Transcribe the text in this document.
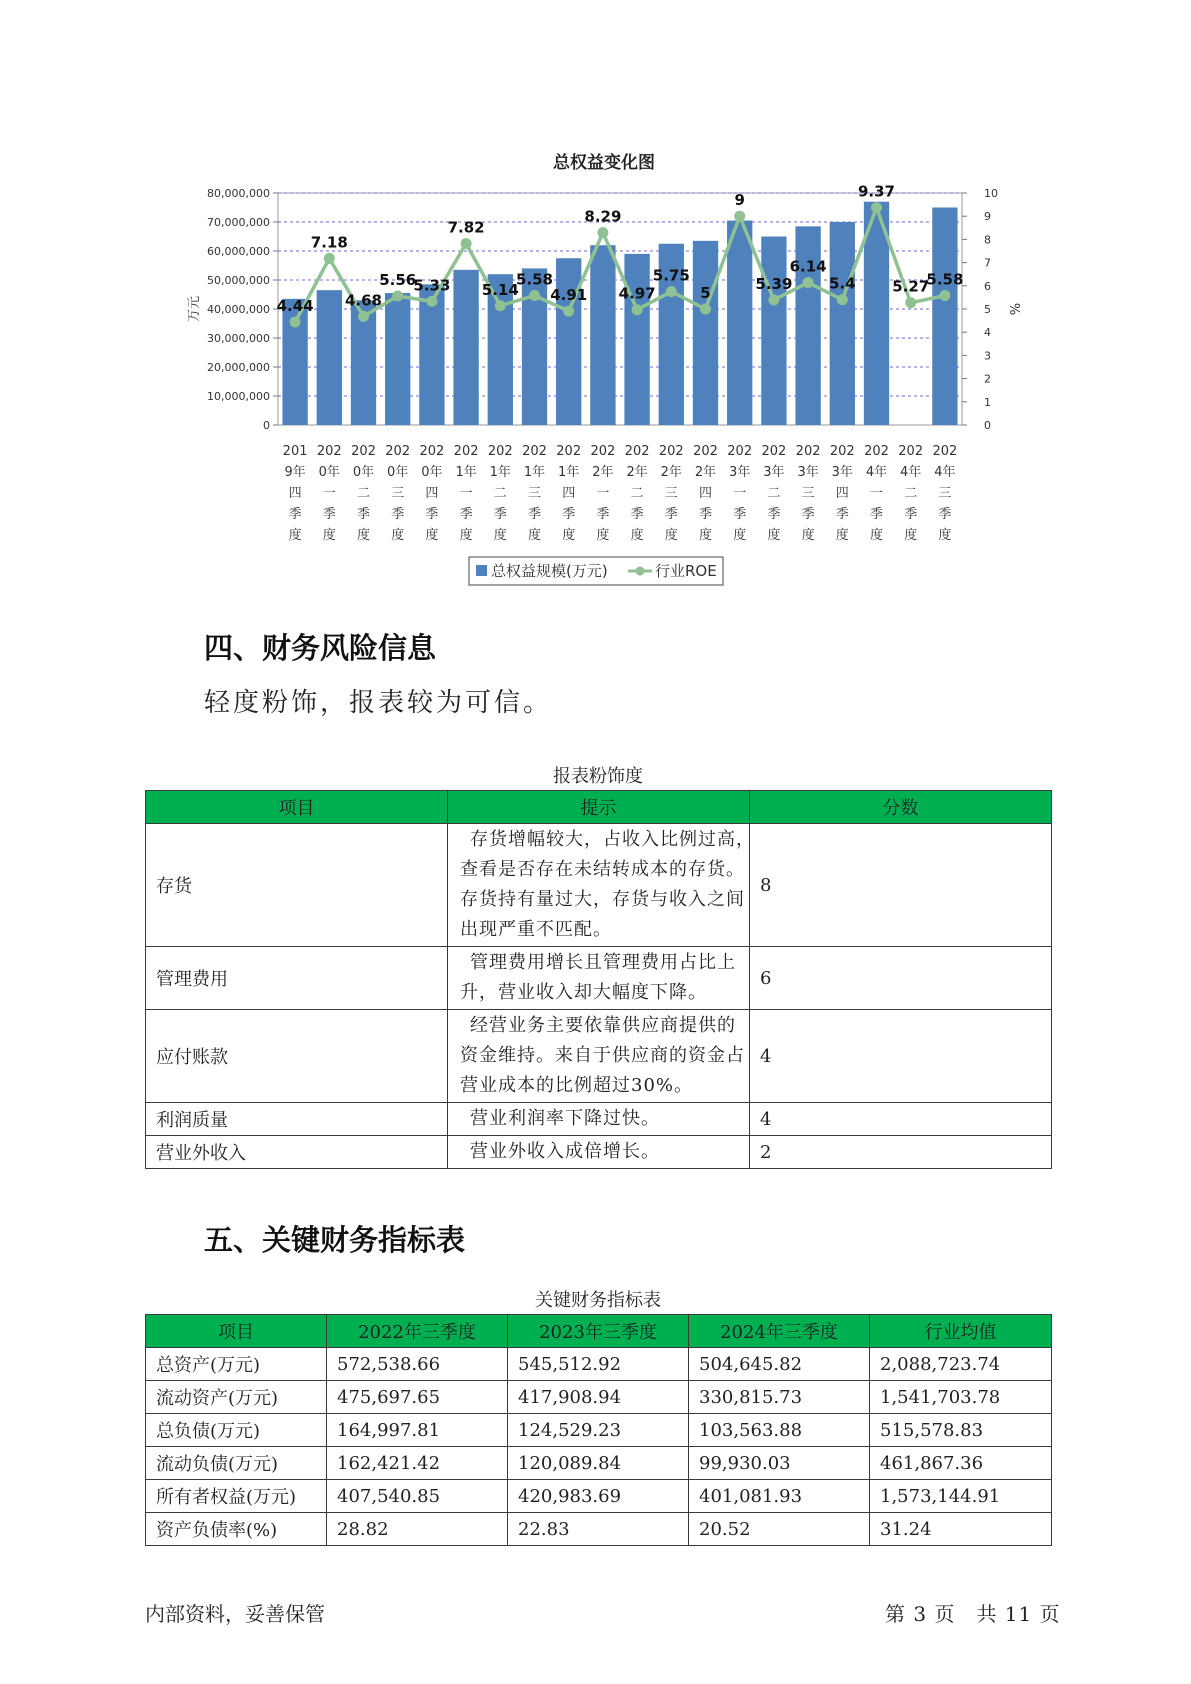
总权益变化图
0
10,000,000
20,000,000
30,000,000
40,000,000
50,000,000
60,000,000
70,000,000
80,000,000
0
1
2
3
4
5
6
7
8
9
10
万元	%
201
9年
四
季
度
202
0年
一
季
度
202
0年
二
季
度
202
0年
三
季
度
202
0年
四
季
度
202
1年
一
季
度
202
1年
二
季
度
202
1年
三
季
度
202
1年
四
季
度
202
2年
一
季
度
202
2年
二
季
度
202
2年
三
季
度
202
2年
四
季
度
202
3年
一
季
度
202
3年
二
季
度
202
3年
三
季
度
202
3年
四
季
度
202
4年
一
季
度
202
4年
二
季
度
202
4年
三
季
度
4.44
7.18
4.68
5.56
5.33
7.82
5.14
5.58
4.91
8.29
4.97
5.75
5
9
5.39
6.14
5.4
9.37
5.27
5.58
总权益规模(万元)	行业ROE
四、财务风险信息

轻度粉饰，报表较为可信。

报表粉饰度
项目	提示	分数
存货	存货增幅较大，占收入比例过高，
查看是否存在未结转成本的存货。
存货持有量过大，存货与收入之间
出现严重不匹配。	8
管理费用	管理费用增长且管理费用占比上
升，营业收入却大幅度下降。	6
应付账款	经营业务主要依靠供应商提供的
资金维持。来自于供应商的资金占
营业成本的比例超过30%。	4
利润质量	营业利润率下降过快。	4
营业外收入	营业外收入成倍增长。	2
五、关键财务指标表
关键财务指标表
项目	2022年三季度	2023年三季度	2024年三季度	行业均值
总资产(万元)	572,538.66	545,512.92	504,645.82	2,088,723.74
流动资产(万元)	475,697.65	417,908.94	330,815.73	1,541,703.78
总负债(万元)	164,997.81	124,529.23	103,563.88	515,578.83
流动负债(万元)	162,421.42	120,089.84	99,930.03	461,867.36
所有者权益(万元)	407,540.85	420,983.69	401,081.93	1,573,144.91
资产负债率(%)	28.82	22.83	20.52	31.24
内部资料，妥善保管	第 3 页　共 11 页
